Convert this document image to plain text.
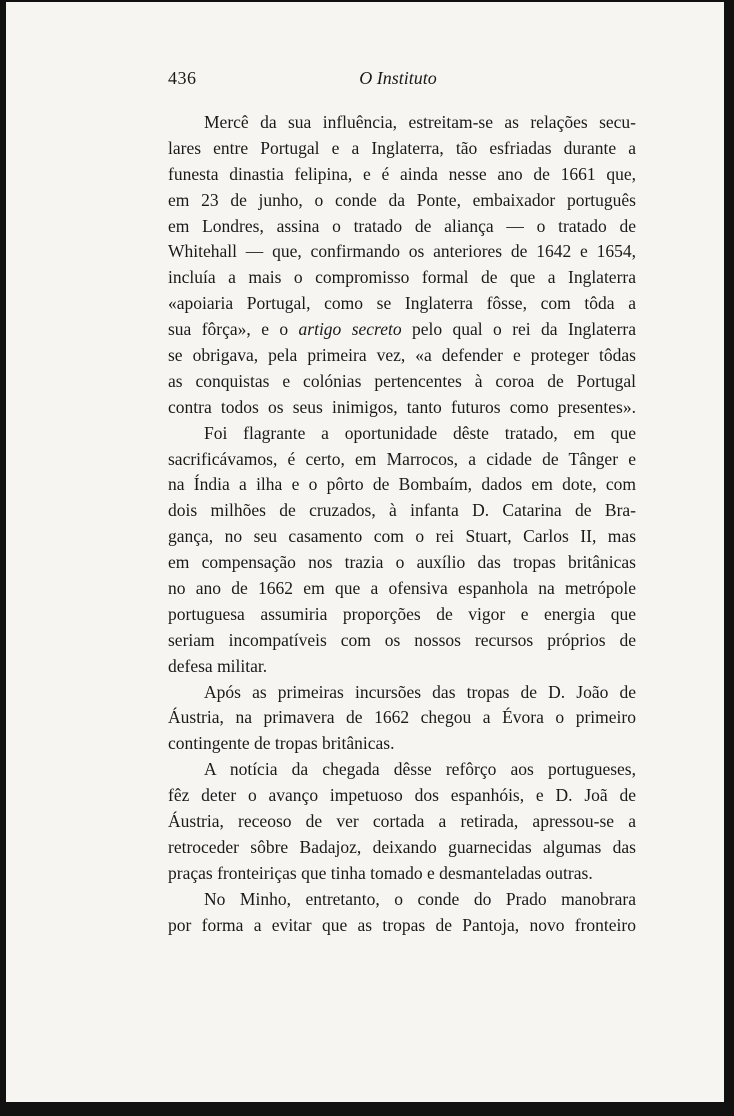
436	O Instituto
Mercê da sua influência, estreitam-se as relações secu-
lares entre Portugal e a Inglaterra, tão esfriadas durante a
funesta dinastia felipina, e é ainda nesse ano de 1661 que,
em 23 de junho, o conde da Ponte, embaixador português
em Londres, assina o tratado de aliança — o tratado de
Whitehall — que, confirmando os anteriores de 1642 e 1654,
incluía a mais o compromisso formal de que a Inglaterra
«apoiaria Portugal, como se Inglaterra fôsse, com tôda a
sua fôrça», e o artigo secreto pelo qual o rei da Inglaterra
se obrigava, pela primeira vez, «a defender e proteger tôdas
as conquistas e colónias pertencentes à coroa de Portugal
contra todos os seus inimigos, tanto futuros como presentes».
Foi flagrante a oportunidade dêste tratado, em que
sacrificávamos, é certo, em Marrocos, a cidade de Tânger e
na Índia a ilha e o pôrto de Bombaím, dados em dote, com
dois milhões de cruzados, à infanta D. Catarina de Bra-
gança, no seu casamento com o rei Stuart, Carlos II, mas
em compensação nos trazia o auxílio das tropas britânicas
no ano de 1662 em que a ofensiva espanhola na metrópole
portuguesa assumiria proporções de vigor e energia que
seriam incompatíveis com os nossos recursos próprios de
defesa militar.
Após as primeiras incursões das tropas de D. João de
Áustria, na primavera de 1662 chegou a Évora o primeiro
contingente de tropas britânicas.
A notícia da chegada dêsse refôrço aos portugueses,
fêz deter o avanço impetuoso dos espanhóis, e D. Joã de
Áustria, receoso de ver cortada a retirada, apressou-se a
retroceder sôbre Badajoz, deixando guarnecidas algumas das
praças fronteiriças que tinha tomado e desmanteladas outras.
No Minho, entretanto, o conde do Prado manobrara
por forma a evitar que as tropas de Pantoja, novo fronteiro
